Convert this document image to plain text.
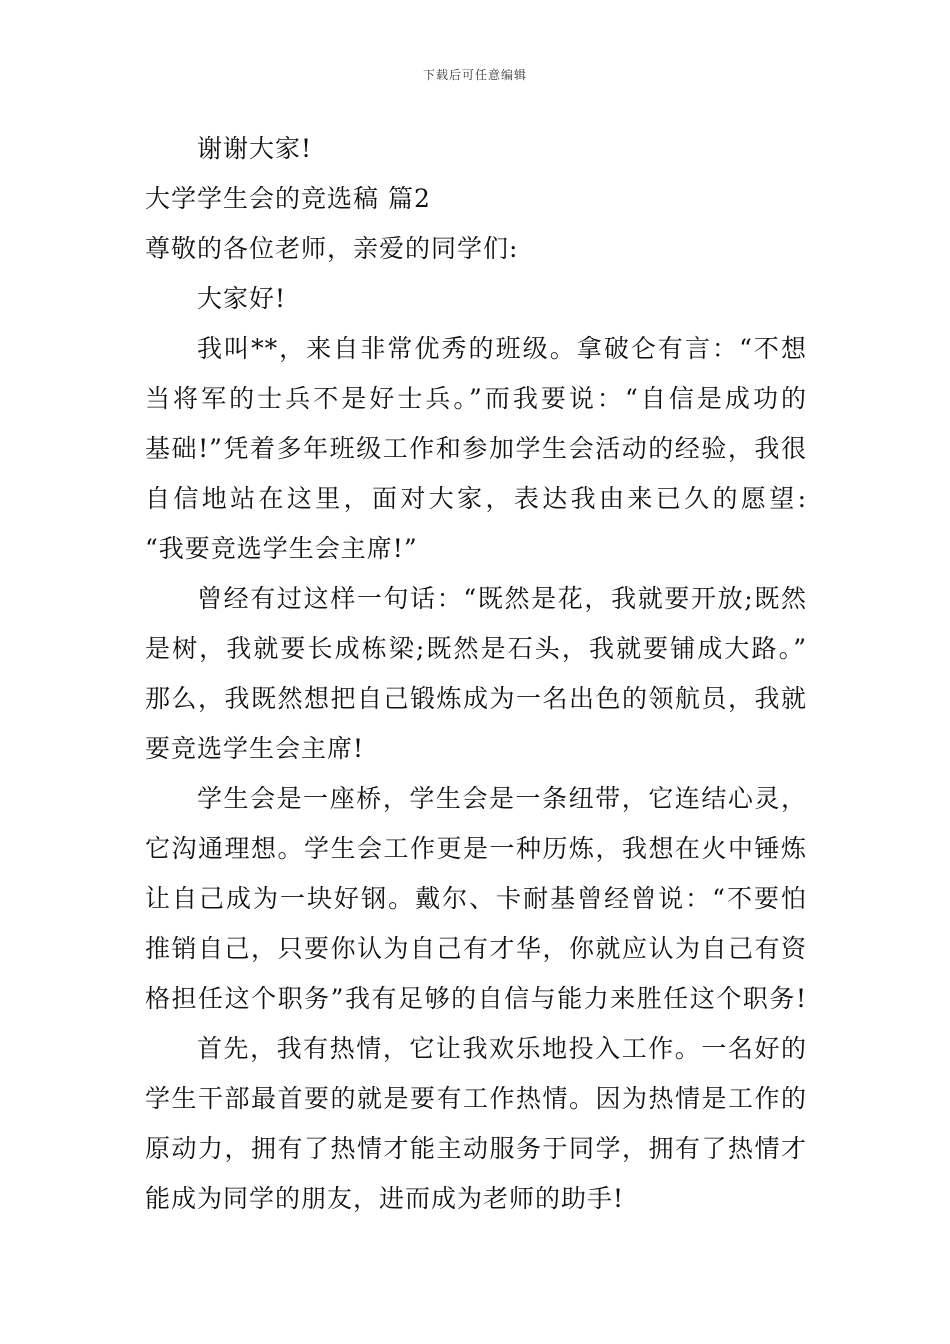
下载后可任意编辑
谢谢大家!
大学学生会的竞选稿 篇2
尊敬的各位老师，亲爱的同学们:
大家好!
我叫**，来自非常优秀的班级。拿破仑有言：“不想
当将军的士兵不是好士兵。”而我要说：“自信是成功的
基础!”凭着多年班级工作和参加学生会活动的经验，我很
自信地站在这里，面对大家，表达我由来已久的愿望:
“我要竞选学生会主席!”
曾经有过这样一句话：“既然是花，我就要开放;既然
是树，我就要长成栋梁;既然是石头，我就要铺成大路。”
那么，我既然想把自己锻炼成为一名出色的领航员，我就
要竞选学生会主席!
学生会是一座桥，学生会是一条纽带，它连结心灵，
它沟通理想。学生会工作更是一种历炼，我想在火中锤炼
让自己成为一块好钢。戴尔、卡耐基曾经曾说：“不要怕
推销自己，只要你认为自己有才华，你就应认为自己有资
格担任这个职务”我有足够的自信与能力来胜任这个职务!
首先，我有热情，它让我欢乐地投入工作。一名好的
学生干部最首要的就是要有工作热情。因为热情是工作的
原动力，拥有了热情才能主动服务于同学，拥有了热情才
能成为同学的朋友，进而成为老师的助手!
